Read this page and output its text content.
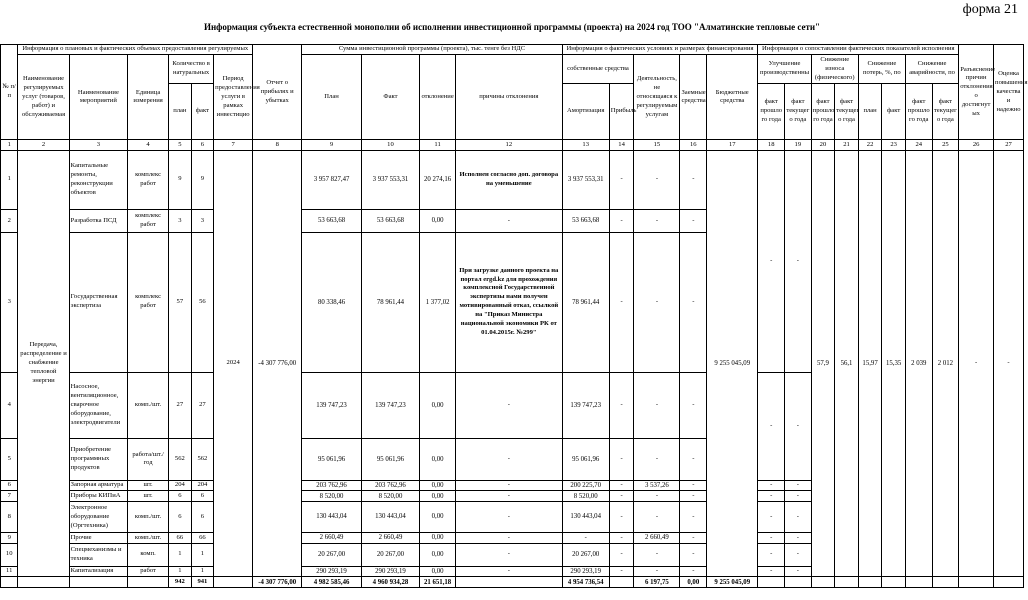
форма 21
Информация субъекта естественной монополии об исполнении инвестиционной программы (проекта) на 2024 год ТОО "Алматинские тепловые сети"
№ п/п	Информация о плановых и фактических объемах предоставления регулируемых						Отчет о прибылях и убытках	Сумма инвестиционной программы (проекта), тыс. тенге без НДС				Информация о фактических условиях и размерах финансирования					Информация о сопоставлении фактических показателей исполнения								Разъяснение причин отклонения о достигнут ых	Оценка повышения качества и надежно
	Наименование регулируемых услуг (товаров, работ) и обслуживаемая	Наименование мероприятий	Единица измерения	Количество в натуральных		Период предоставления услуги в рамках инвестицио		План	Факт	отклонение	причины отклонения	собственные средства		Деятельность, не относящаяся к регулируемым услугам	Заемные средства	Бюджетные средства	Улучшение производственны		Снижение износа (физического)		Снижение потерь, %, по		Снижение аварийности, по			
				план	факт							Амортизация	Прибыль				факт прошло го года	факт текущег о года	факт прошло го года	факт текущег о года	план	факт	факт прошло го года	факт текущег о года		

1	2	3	4	5	6	7	8	9	10	11	12	13	14	15	16	17	18	19	20	21	22	23	24	25	26	27
1	Передача, распределение и снабжение тепловой энергии	Капитальные ремонты, реконструкции объектов	комплекс работ	9	9	2024	-4 307 776,00	3 957 827,47	3 937 553,31	20 274,16	Исполнен согласно доп. договора на уменьшение	3 937 553,31	-	-	-	9 255 045,09	-	-	57,9	56,1	15,97	15,35	2 039	2 012	-	-
2		Разработка ПСД	комплекс работ	3	3			53 663,68	53 663,68	0,00	-	53 663,68	-	-	-											
3		Государственная экспертиза	комплекс работ	57	56			80 338,46	78 961,44	1 377,02	При загрузке данного проекта на портал ergd.kz для прохождения комплексной Государственной экспертизы нами получен мотивированный отказ, ссылкой на "Приказ Министра национальной экономики РК от 01.04.2015г. №299"	78 961,44	-	-	-											
4		Насосное, вентиляционное, сварочное оборудование, электродвигатели	комп./шт.	27	27			139 747,23	139 747,23	0,00	-	139 747,23	-	-	-		-	-								
5		Приобретение программных продуктов	работа/шт./год	562	562			95 061,96	95 061,96	0,00	-	95 061,96	-	-	-											
6		Запорная арматура	шт.	204	204			203 762,96	203 762,96	0,00	-	200 225,70	-	3 537,26	-		-	-								
7		Приборы КИПиА	шт.	6	6			8 520,00	8 520,00	0,00	-	8 520,00	-	-	-		-	-								
8		Электронное оборудование (Оргтехника)	комп./шт.	6	6			130 443,04	130 443,04	0,00	-	130 443,04	-	-	-		-	-								
9		Прочие	комп./шт.	66	66			2 660,49	2 660,49	0,00	-	-	-	2 660,49	-		-	-								
10		Спецмеханизмы и техника	комп.	1	1			20 267,00	20 267,00	0,00	-	20 267,00	-	-	-		-	-								
11		Капитализация	работ	1	1			290 293,19	290 293,19	0,00	-	290 293,19	-	-	-		-	-								
				942	941		-4 307 776,00	4 982 585,46	4 960 934,28	21 651,18		4 954 736,54		6 197,75	0,00	9 255 045,09										
